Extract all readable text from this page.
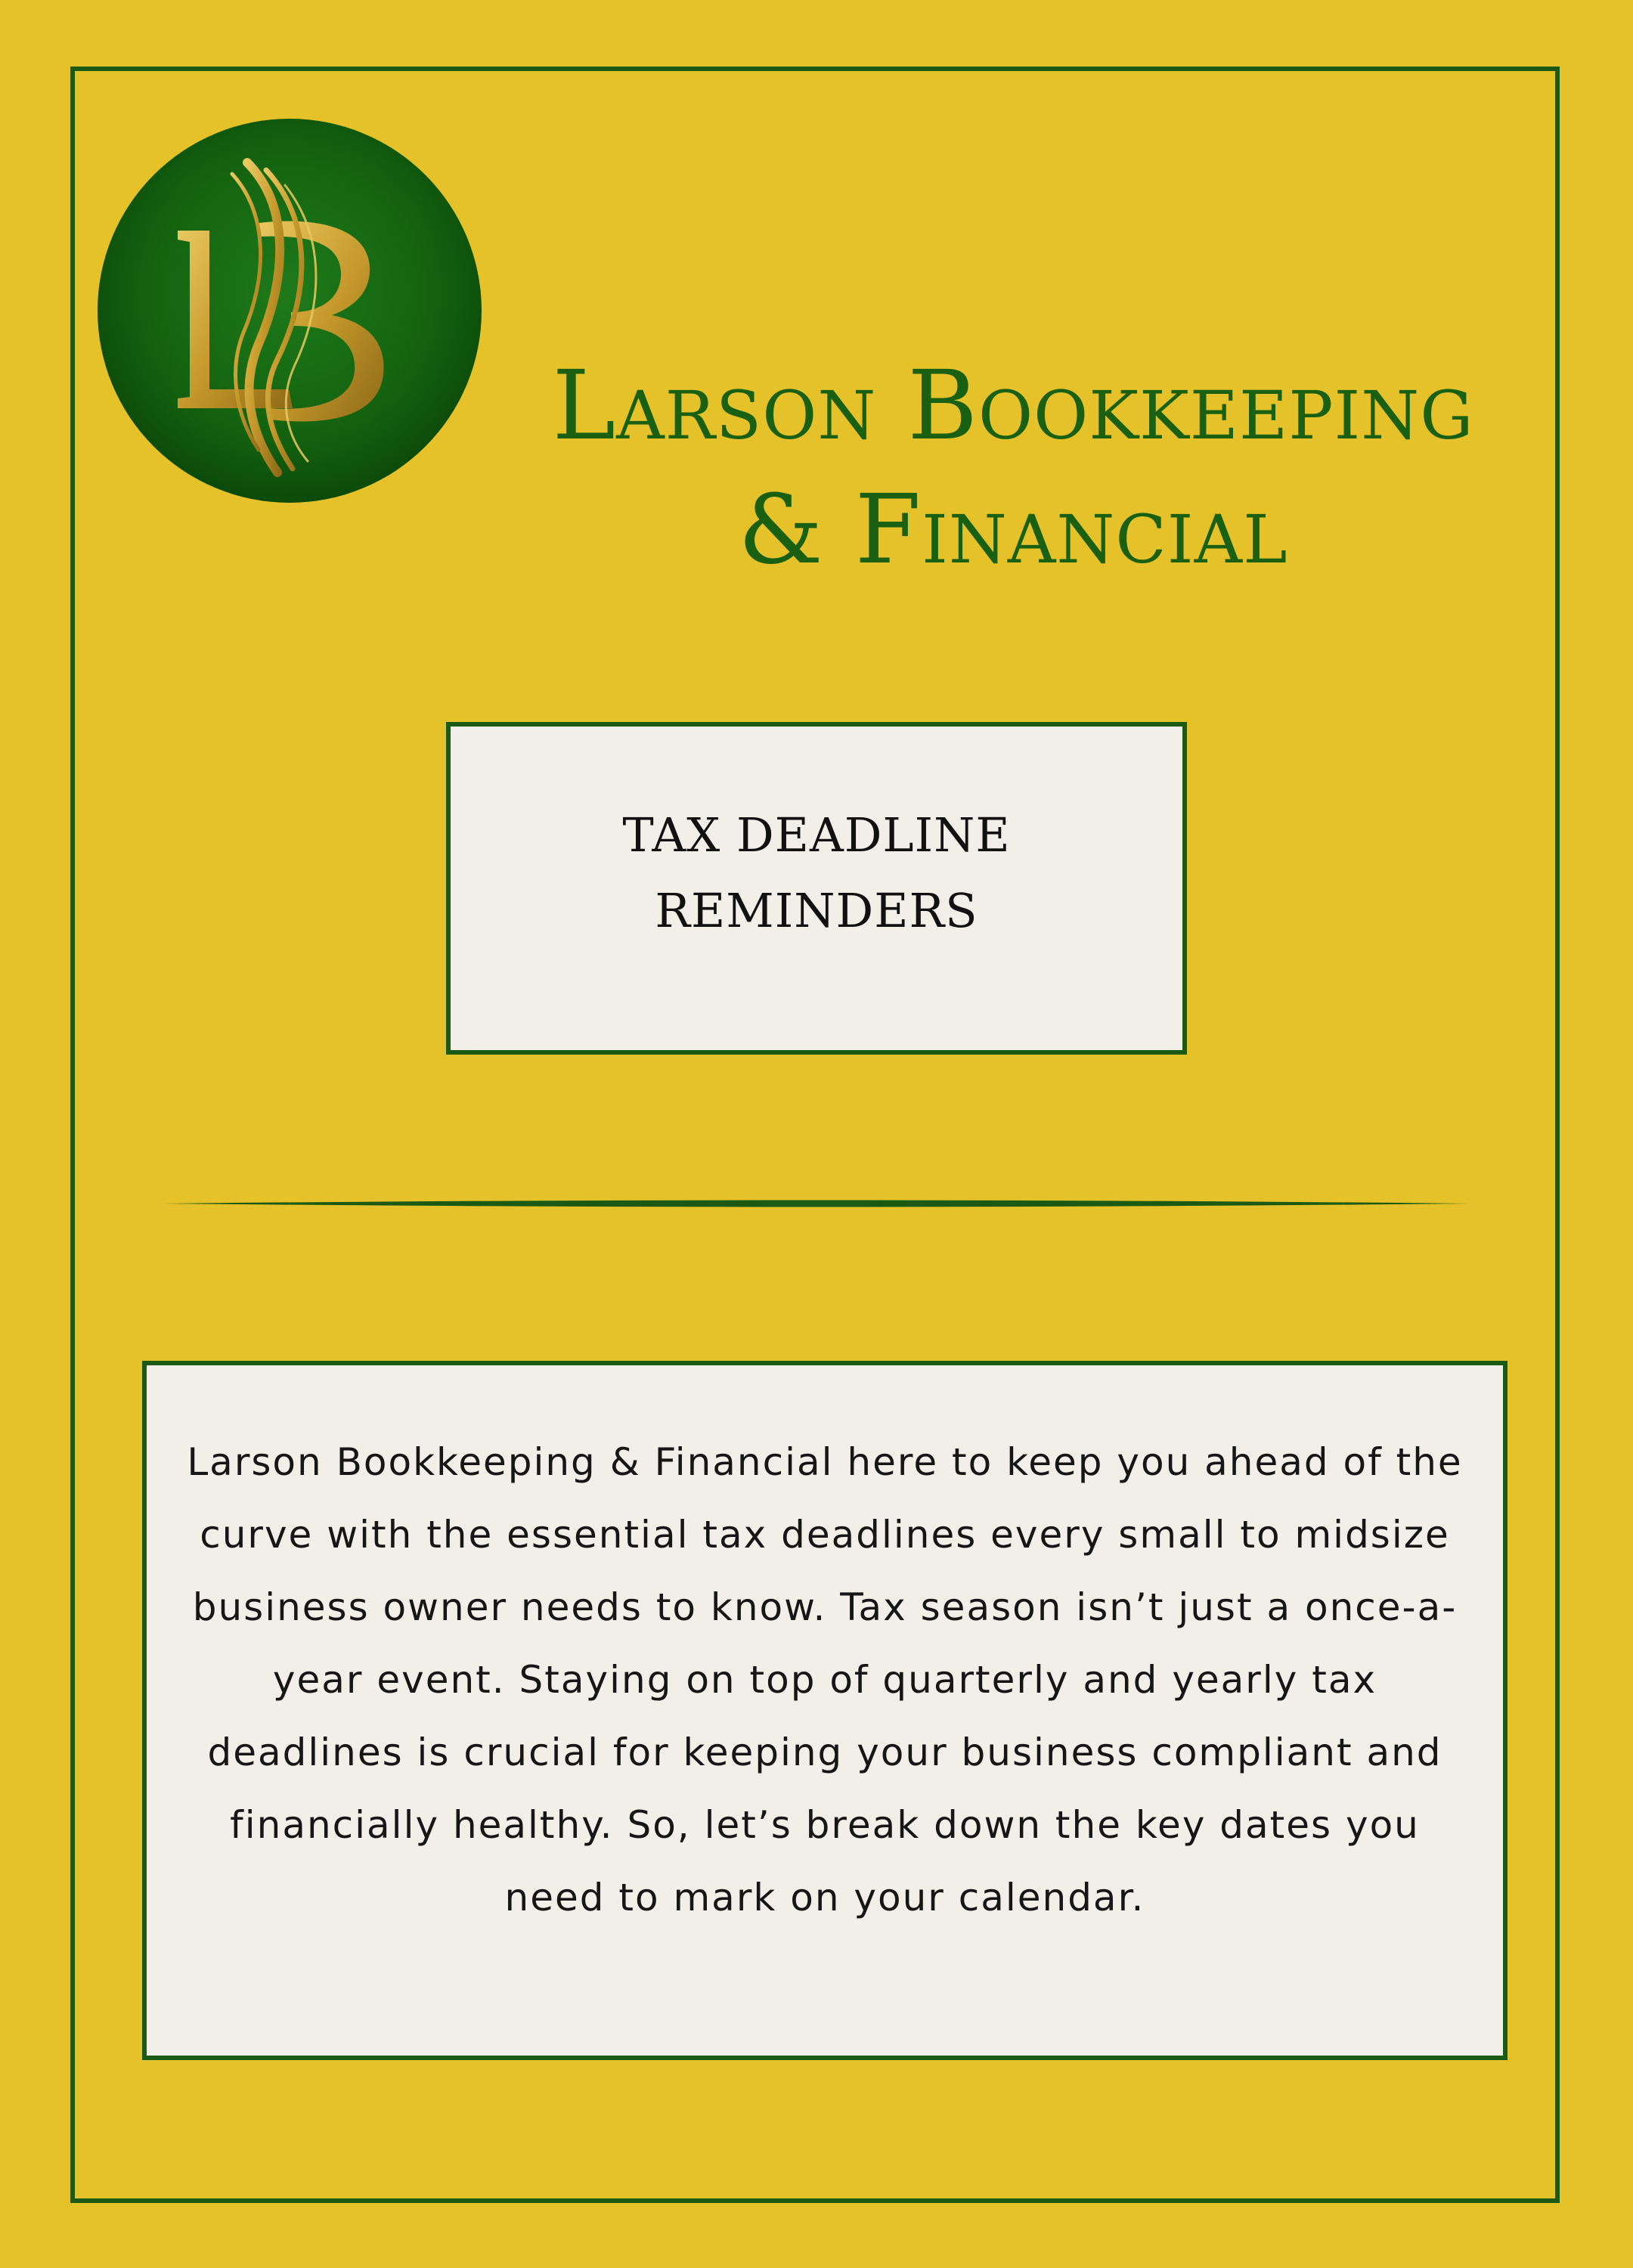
Larson Bookkeeping
& Financial
TAX DEADLINE REMINDERS
Larson Bookkeeping & Financial here to keep you ahead of the curve with the essential tax deadlines every small to midsize business owner needs to know. Tax season isn’t just a once-a-year event. Staying on top of quarterly and yearly tax deadlines is crucial for keeping your business compliant and financially healthy. So, let’s break down the key dates you need to mark on your calendar.
